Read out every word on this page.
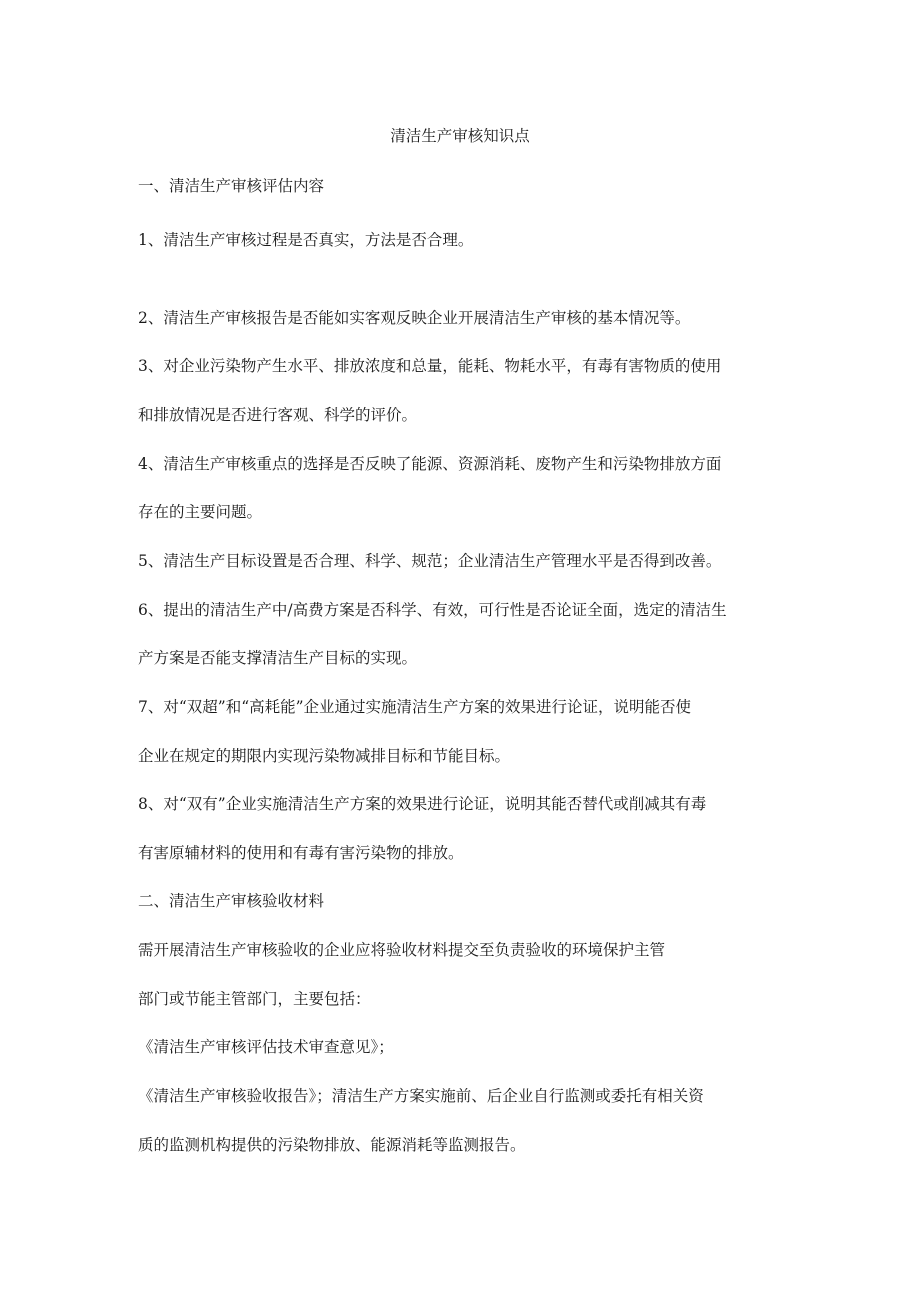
清洁生产审核知识点
一、清洁生产审核评估内容
1、清洁生产审核过程是否真实，方法是否合理。
2、清洁生产审核报告是否能如实客观反映企业开展清洁生产审核的基本情况等。
3、对企业污染物产生水平、排放浓度和总量，能耗、物耗水平，有毒有害物质的使用
和排放情况是否进行客观、科学的评价。
4、清洁生产审核重点的选择是否反映了能源、资源消耗、废物产生和污染物排放方面
存在的主要问题。
5、清洁生产目标设置是否合理、科学、规范；企业清洁生产管理水平是否得到改善。
6、提出的清洁生产中/高费方案是否科学、有效，可行性是否论证全面，选定的清洁生
产方案是否能支撑清洁生产目标的实现。
7、对“双超”和“高耗能”企业通过实施清洁生产方案的效果进行论证，说明能否使
企业在规定的期限内实现污染物减排目标和节能目标。
8、对“双有”企业实施清洁生产方案的效果进行论证，说明其能否替代或削减其有毒
有害原辅材料的使用和有毒有害污染物的排放。
二、清洁生产审核验收材料
需开展清洁生产审核验收的企业应将验收材料提交至负责验收的环境保护主管
部门或节能主管部门，主要包括：
《清洁生产审核评估技术审查意见》；
《清洁生产审核验收报告》；清洁生产方案实施前、后企业自行监测或委托有相关资
质的监测机构提供的污染物排放、能源消耗等监测报告。
